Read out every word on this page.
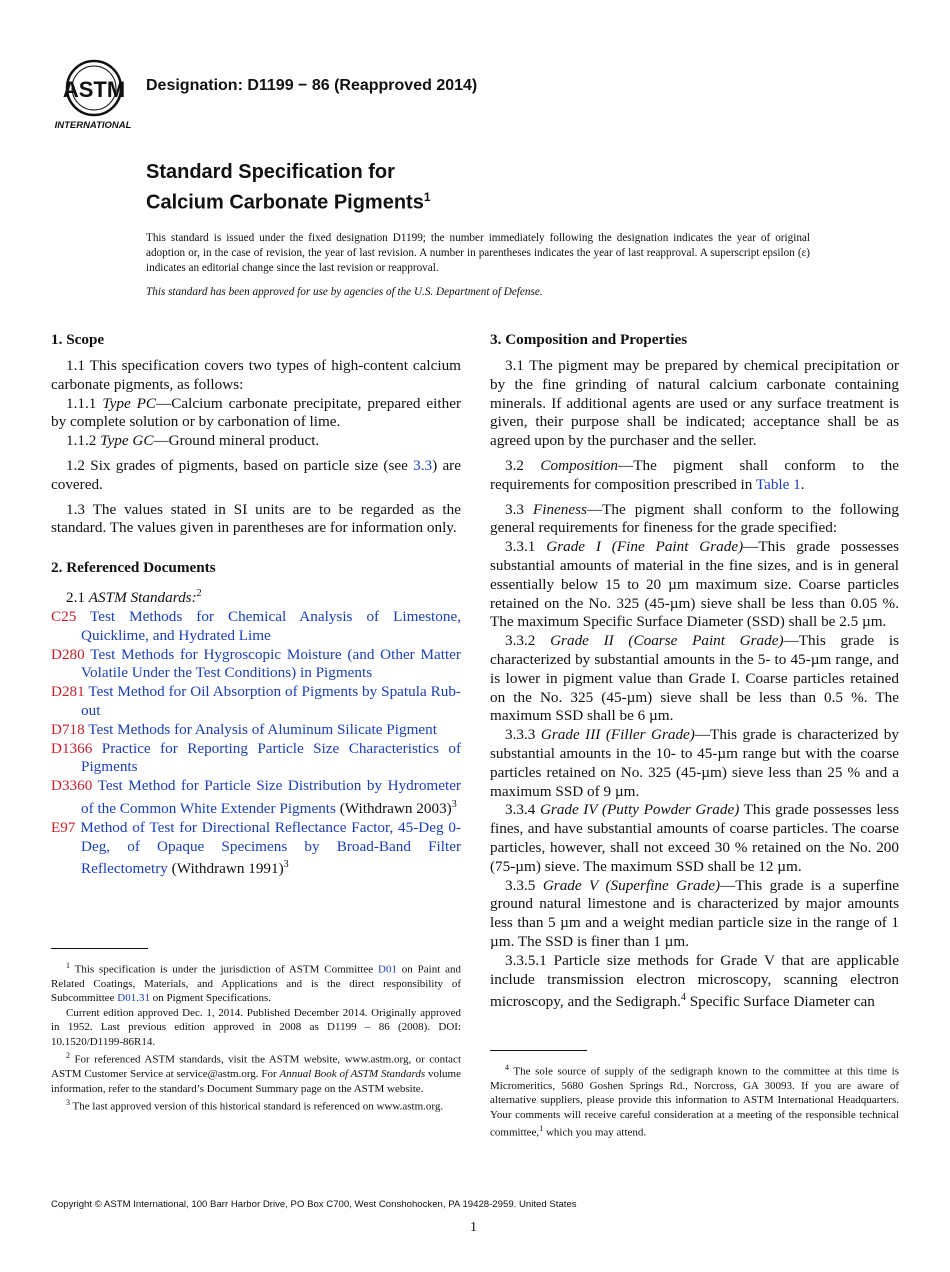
ASTM
INTERNATIONAL
Designation: D1199 − 86 (Reapproved 2014)
Standard Specification for
Calcium Carbonate Pigments$^1$
This standard is issued under the fixed designation D1199; the number immediately following the designation indicates the year of original adoption or, in the case of revision, the year of last revision. A number in parentheses indicates the year of last reapproval. A superscript epsilon (ε) indicates an editorial change since the last revision or reapproval.
This standard has been approved for use by agencies of the U.S. Department of Defense.
1. Scope

1.1 This specification covers two types of high-content calcium carbonate pigments, as follows:

1.1.1 Type PC—Calcium carbonate precipitate, prepared either by complete solution or by carbonation of lime.

1.1.2 Type GC—Ground mineral product.

1.2 Six grades of pigments, based on particle size (see 3.3) are covered.

1.3 The values stated in SI units are to be regarded as the standard. The values given in parentheses are for information only.

2. Referenced Documents

2.1 ASTM Standards:$^2$

C25 Test Methods for Chemical Analysis of Limestone, Quicklime, and Hydrated Lime

D280 Test Methods for Hygroscopic Moisture (and Other Matter Volatile Under the Test Conditions) in Pigments

D281 Test Method for Oil Absorption of Pigments by Spatula Rub-out

D718 Test Methods for Analysis of Aluminum Silicate Pigment

D1366 Practice for Reporting Particle Size Characteristics of Pigments

D3360 Test Method for Particle Size Distribution by Hydrometer of the Common White Extender Pigments (Withdrawn 2003)$^3$

E97 Method of Test for Directional Reflectance Factor, 45-Deg 0-Deg, of Opaque Specimens by Broad-Band Filter Reflectometry (Withdrawn 1991)$^3$

3. Composition and Properties

3.1 The pigment may be prepared by chemical precipitation or by the fine grinding of natural calcium carbonate containing minerals. If additional agents are used or any surface treatment is given, their purpose shall be indicated; acceptance shall be as agreed upon by the purchaser and the seller.

3.2 Composition—The pigment shall conform to the requirements for composition prescribed in Table 1.

3.3 Fineness—The pigment shall conform to the following general requirements for fineness for the grade specified:

3.3.1 Grade I (Fine Paint Grade)—This grade possesses substantial amounts of material in the fine sizes, and is in general essentially below 15 to 20 µm maximum size. Coarse particles retained on the No. 325 (45-µm) sieve shall be less than 0.05 %. The maximum Specific Surface Diameter (SSD) shall be 2.5 µm.

3.3.2 Grade II (Coarse Paint Grade)—This grade is characterized by substantial amounts in the 5- to 45-µm range, and is lower in pigment value than Grade I. Coarse particles retained on the No. 325 (45-µm) sieve shall be less than 0.5 %. The maximum SSD shall be 6 µm.

3.3.3 Grade III (Filler Grade)—This grade is characterized by substantial amounts in the 10- to 45-µm range but with the coarse particles retained on No. 325 (45-µm) sieve less than 25 % and a maximum SSD of 9 µm.

3.3.4 Grade IV (Putty Powder Grade) This grade possesses less fines, and have substantial amounts of coarse particles. The coarse particles, however, shall not exceed 30 % retained on the No. 200 (75-µm) sieve. The maximum SSD shall be 12 µm.

3.3.5 Grade V (Superfine Grade)—This grade is a superfine ground natural limestone and is characterized by major amounts less than 5 µm and a weight median particle size in the range of 1 µm. The SSD is finer than 1 µm.

3.3.5.1 Particle size methods for Grade V that are applicable include transmission electron microscopy, scanning electron microscopy, and the Sedigraph.$^4$ Specific Surface Diameter can

$^1$ This specification is under the jurisdiction of ASTM Committee D01 on Paint and Related Coatings, Materials, and Applications and is the direct responsibility of Subcommittee D01.31 on Pigment Specifications.

Current edition approved Dec. 1, 2014. Published December 2014. Originally approved in 1952. Last previous edition approved in 2008 as D1199 – 86 (2008). DOI: 10.1520/D1199-86R14.

$^2$ For referenced ASTM standards, visit the ASTM website, www.astm.org, or contact ASTM Customer Service at service@astm.org. For Annual Book of ASTM Standards volume information, refer to the standard’s Document Summary page on the ASTM website.

$^3$ The last approved version of this historical standard is referenced on www.astm.org.

$^4$ The sole source of supply of the sedigraph known to the committee at this time is Micromeritics, 5680 Goshen Springs Rd., Norcross, GA 30093. If you are aware of alternative suppliers, please provide this information to ASTM International Headquarters. Your comments will receive careful consideration at a meeting of the responsible technical committee,$^1$ which you may attend.

Copyright © ASTM International, 100 Barr Harbor Drive, PO Box C700, West Conshohocken, PA 19428-2959. United States
1
